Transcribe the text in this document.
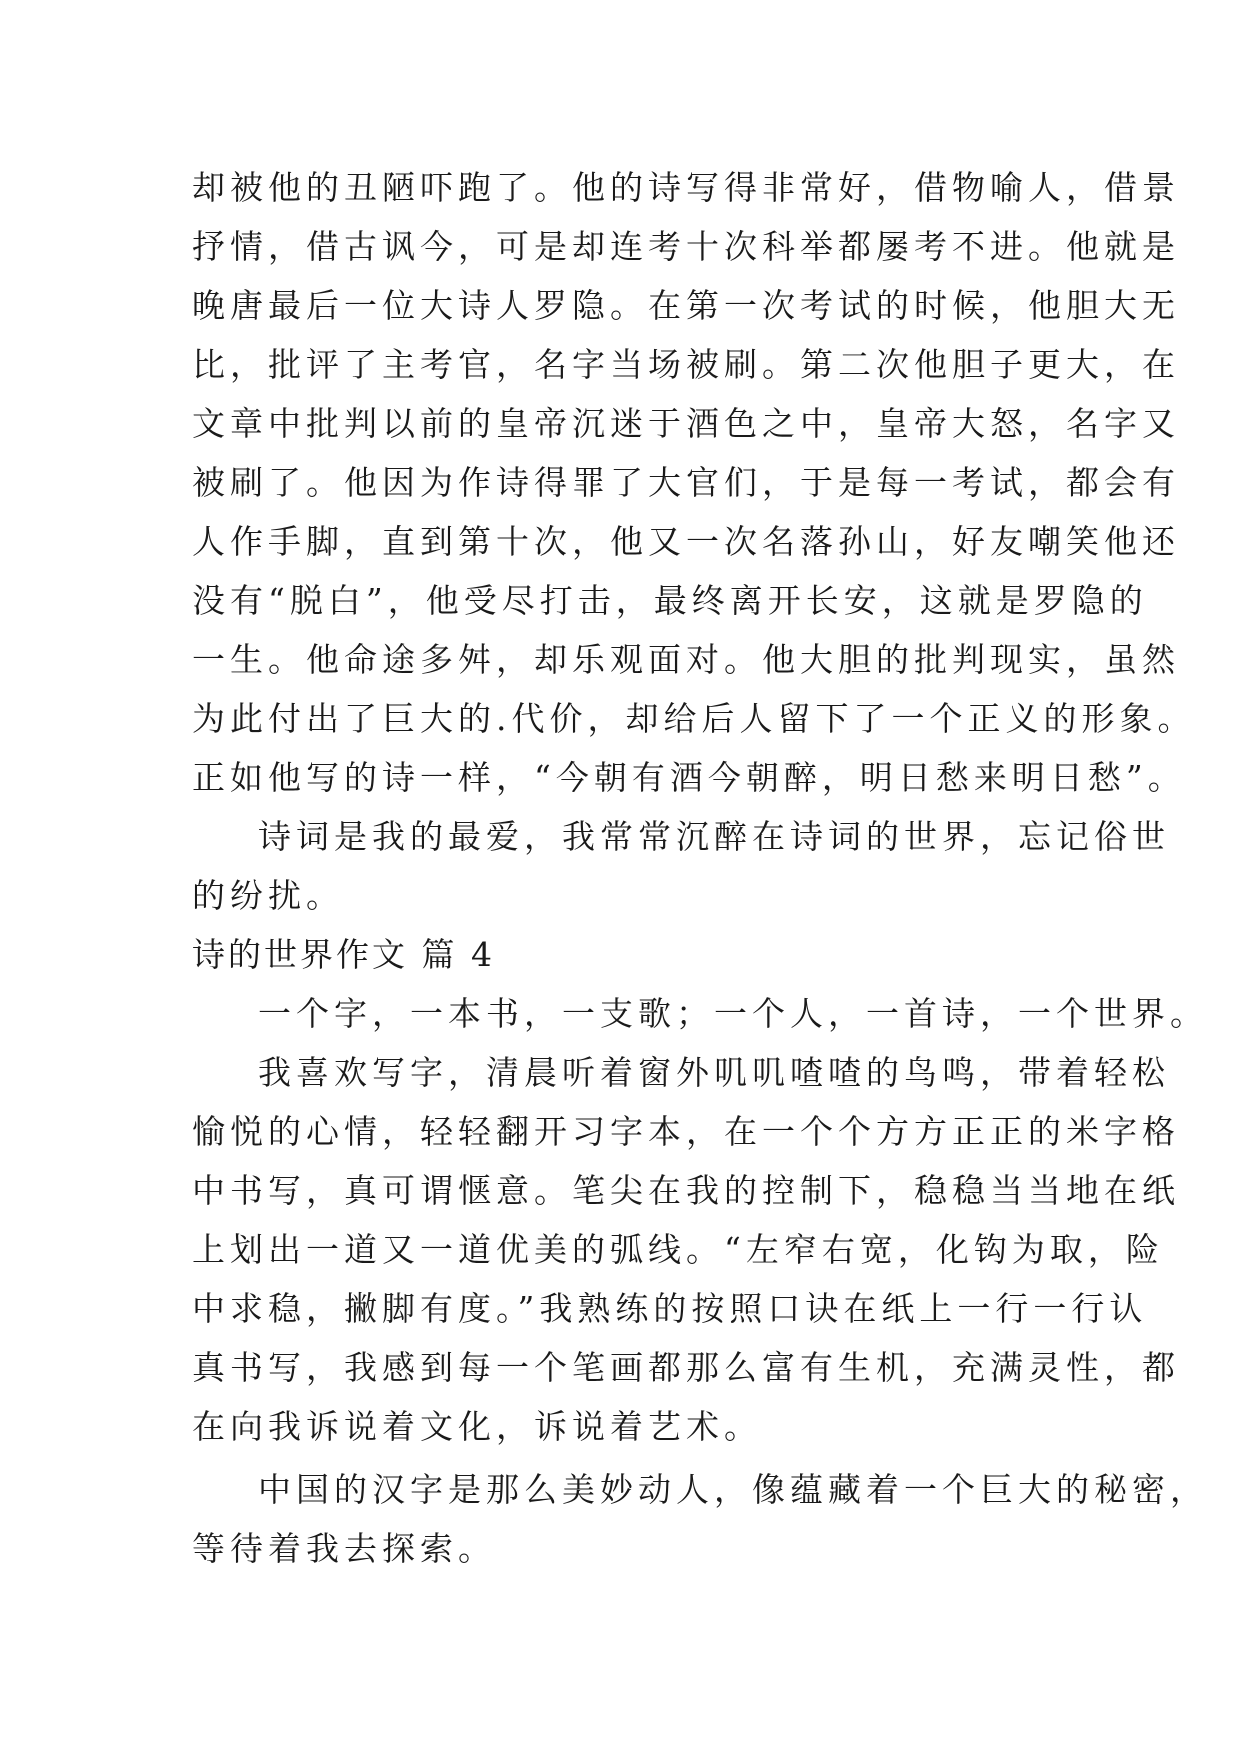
却被他的丑陋吓跑了。他的诗写得非常好，借物喻人，借景
抒情，借古讽今，可是却连考十次科举都屡考不进。他就是
晚唐最后一位大诗人罗隐。在第一次考试的时候，他胆大无
比，批评了主考官，名字当场被刷。第二次他胆子更大，在
文章中批判以前的皇帝沉迷于酒色之中，皇帝大怒，名字又
被刷了。他因为作诗得罪了大官们，于是每一考试，都会有
人作手脚，直到第十次，他又一次名落孙山，好友嘲笑他还
没有“脱白”，他受尽打击，最终离开长安，这就是罗隐的
一生。他命途多舛，却乐观面对。他大胆的批判现实，虽然
为此付出了巨大的.代价，却给后人留下了一个正义的形象。
正如他写的诗一样，“今朝有酒今朝醉，明日愁来明日愁”。
诗词是我的最爱，我常常沉醉在诗词的世界，忘记俗世
的纷扰。
诗的世界作文 篇 4
一个字，一本书，一支歌；一个人，一首诗，一个世界。
我喜欢写字，清晨听着窗外叽叽喳喳的鸟鸣，带着轻松
愉悦的心情，轻轻翻开习字本，在一个个方方正正的米字格
中书写，真可谓惬意。笔尖在我的控制下，稳稳当当地在纸
上划出一道又一道优美的弧线。“左窄右宽，化钩为取，险
中求稳，撇脚有度。”我熟练的按照口诀在纸上一行一行认
真书写，我感到每一个笔画都那么富有生机，充满灵性，都
在向我诉说着文化，诉说着艺术。
中国的汉字是那么美妙动人，像蕴藏着一个巨大的秘密，
等待着我去探索。
